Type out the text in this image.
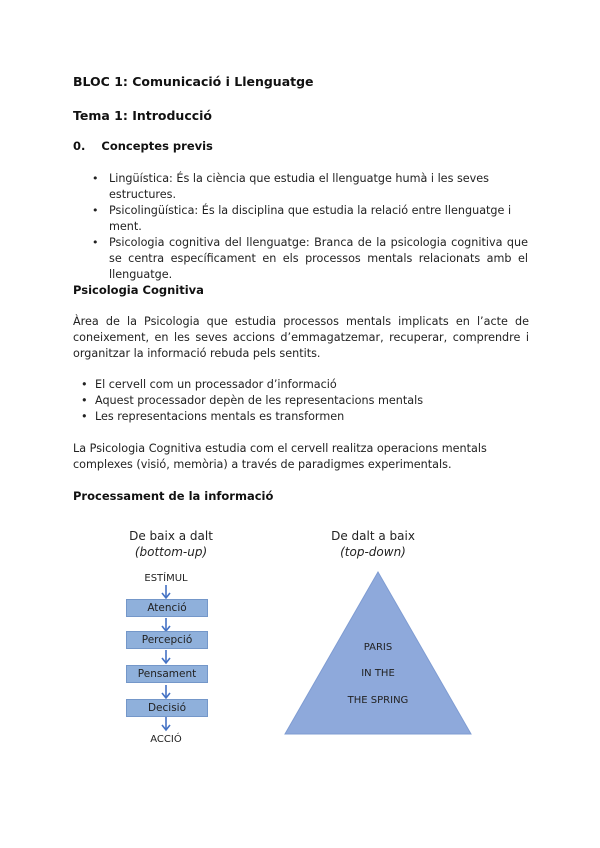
BLOC 1: Comunicació i Llenguatge
Tema 1: Introducció
0. Conceptes previs
• Lingüística: És la ciència que estudia el llenguatge humà i les seves estructures.
• Psicolingüística: És la disciplina que estudia la relació entre llenguatge i ment.
• Psicologia cognitiva del llenguatge: Branca de la psicologia cognitiva que se centra específicament en els processos mentals relacionats amb el llenguatge.
Psicologia Cognitiva
Àrea de la Psicologia que estudia processos mentals implicats en l’acte de coneixement, en les seves accions d’emmagatzemar, recuperar, comprendre i organitzar la informació rebuda pels sentits.
• El cervell com un processador d’informació
• Aquest processador depèn de les representacions mentals
• Les representacions mentals es transformen
La Psicologia Cognitiva estudia com el cervell realitza operacions mentals complexes (visió, memòria) a través de paradigmes experimentals.
Processament de la informació
De baix a dalt
(bottom-up)
ESTÍMUL
Atenció
Percepció
Pensament
Decisió
ACCIÓ
De dalt a baix
(top-down)
PARIS
IN THE
THE SPRING
